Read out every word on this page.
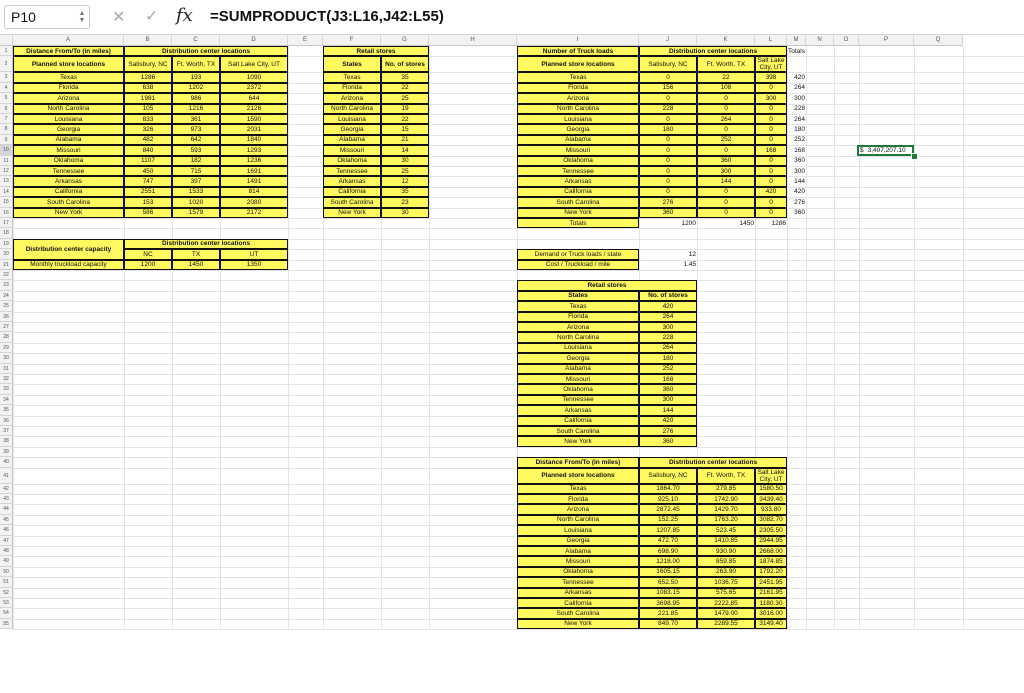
P10	▲
▼ ✕ ✓ fx =SUMPRODUCT(J3:L16,J42:L55)
A	B	C	D	E	F	G	H	I	J	K	L	M	N	O	P	Q
1
2
3
4
5
6
7
8
9
10
11
12
13
14
15
16
17
18
19
20
21
22
23
24
25
26
27
28
29
30
31
32
33
34
35
36
37
38
39
40
41
42
43
44
45
46
47
48
49
50
51
52
53
54
55
Distance From/To (in miles)	Distribution center locations
Planned store locations	Salisbury, NC	Ft. Worth, TX	Salt Lake City, UT
Texas	1286	193	1090
Florida	638	1202	2372
Arizona	1981	986	644
North Carolina	105	1216	2126
Louisiana	833	361	1590
Georgia	326	973	2031
Alabama	482	642	1840
Missouri	840	593	1293
Oklahoma	1107	182	1236
Tennessee	450	715	1691
Arkansas	747	397	1491
California	2551	1533	814
South Carolina	153	1020	2080
New York	586	1579	2172
Retail stores
States	No. of stores
Texas	35
Florida	22
Arizona	25
North Carolina	19
Louisiana	22
Georgia	15
Alabama	21
Missouri	14
Oklahoma	30
Tennessee	25
Arkansas	12
California	35
South Carolina	23
New York	30
Distribution center capacity
Distribution center locations
NC	TX	UT
Monthly truckload capacity	1200	1450	1350
Number of Truck loads	Distribution center locations	Totals
Planned store locations	Salisbury, NC	Ft. Worth, TX	Salt Lake City, UT
Texas	0	22	398	420
Florida	156	108	0	264
Arizona	0	0	300	300
North Carolina	228	0	0	228
Louisiana	0	264	0	264
Georgia	180	0	0	180
Alabama	0	252	0	252
Missouri	0	0	168	168
Oklahoma	0	360	0	360
Tennessee	0	300	0	300
Arkansas	0	144	0	144
California	0	0	420	420
South Carolina	276	0	0	276
New York	360	0	0	360
Totals	1200	1450	1286
Demand or Truck loads / state	12
Cost / Truckload / mile	1.45
Retail stores
States	No. of stores
Texas	420
Florida	264
Arizona	300
North Carolina	228
Louisiana	264
Georgia	180
Alabama	252
Missouri	168
Oklahoma	360
Tennessee	300
Arkansas	144
California	420
South Carolina	276
New York	360
Distance From/To (in miles)	Distribution center locations
Planned store locations	Salisbury, NC	Ft. Worth, TX	Salt Lake City, UT
Texas	1864.70	279.85	1580.50
Florida	925.10	1742.90	3439.40
Arizona	2872.45	1429.70	933.80
North Carolina	152.25	1763.20	3082.70
Louisiana	1207.85	523.45	2305.50
Georgia	472.70	1410.85	2944.95
Alabama	698.90	930.90	2668.00
Missouri	1218.00	859.85	1874.85
Oklahoma	1605.15	263.90	1792.20
Tennessee	652.50	1036.75	2451.95
Arkansas	1083.15	575.65	2161.95
California	3698.95	2222.85	1180.30
South Carolina	221.85	1479.00	3016.00
New York	849.70	2289.55	3149.40
$ 3,407,207.10
